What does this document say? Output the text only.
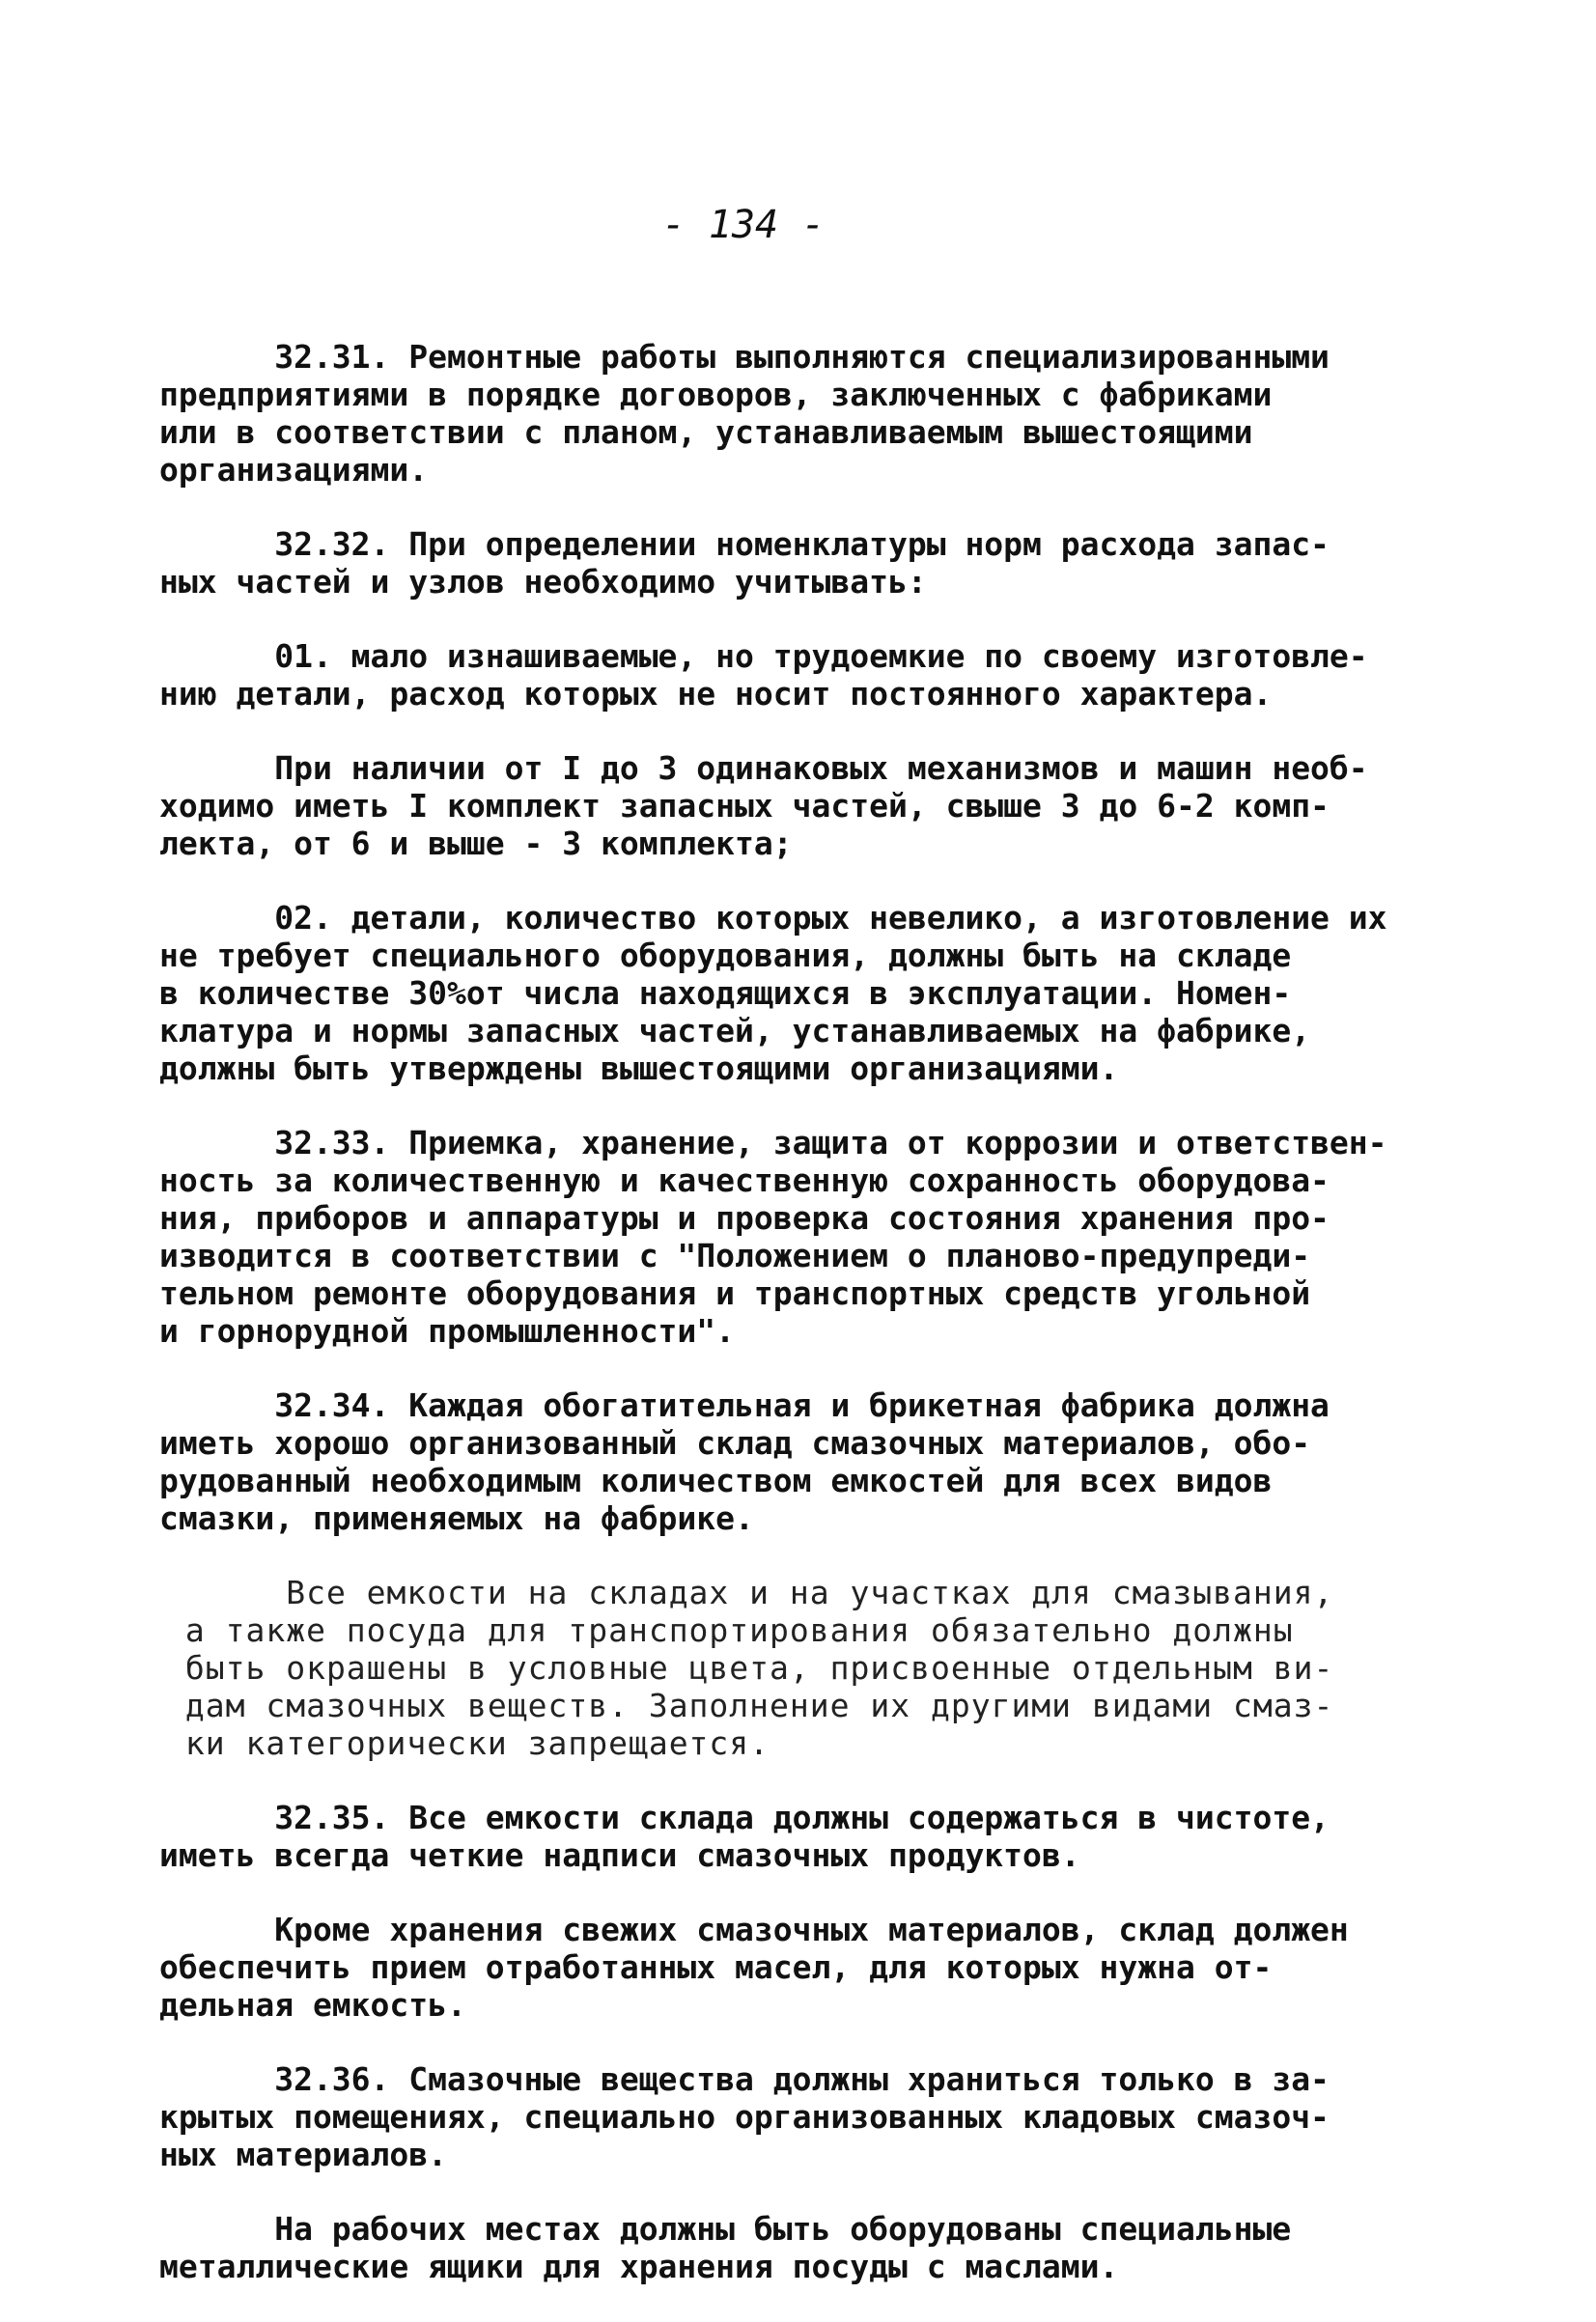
- 134 -

32.31. Ремонтные работы выполняются специализированными
предприятиями в порядке договоров, заключенных с фабриками
или в соответствии с планом, устанавливаемым вышестоящими
организациями.

32.32. При определении номенклатуры норм расхода запас-
ных частей и узлов необходимо учитывать:

01. мало изнашиваемые, но трудоемкие по своему изготовле-
нию детали, расход которых не носит постоянного характера.

При наличии от I до 3 одинаковых механизмов и машин необ-
ходимо иметь I комплект запасных частей, свыше 3 до 6-2 комп-
лекта, от 6 и выше - 3 комплекта;

02. детали, количество которых невелико, а изготовление их
не требует специального оборудования, должны быть на складе
в количестве 30%от числа находящихся в эксплуатации. Номен-
клатура и нормы запасных частей, устанавливаемых на фабрике,
должны быть утверждены вышестоящими организациями.

32.33. Приемка, хранение, защита от коррозии и ответствен-
ность за количественную и качественную сохранность оборудова-
ния, приборов и аппаратуры и проверка состояния хранения про-
изводится в соответствии с "Положением о планово-предупреди-
тельном ремонте оборудования и транспортных средств угольной
и горнорудной промышленности".

32.34. Каждая обогатительная и брикетная фабрика должна
иметь хорошо организованный склад смазочных материалов, обо-
рудованный необходимым количеством емкостей для всех видов
смазки, применяемых на фабрике.

Все емкости на складах и на участках для смазывания,
а также посуда для транспортирования обязательно должны
быть окрашены в условные цвета, присвоенные отдельным ви-
дам смазочных веществ. Заполнение их другими видами смаз-
ки категорически запрещается.

32.35. Все емкости склада должны содержаться в чистоте,
иметь всегда четкие надписи смазочных продуктов.

Кроме хранения свежих смазочных материалов, склад должен
обеспечить прием отработанных масел, для которых нужна от-
дельная емкость.

32.36. Смазочные вещества должны храниться только в за-
крытых помещениях, специально организованных кладовых смазоч-
ных материалов.

На рабочих местах должны быть оборудованы специальные
металлические ящики для хранения посуды с маслами.
